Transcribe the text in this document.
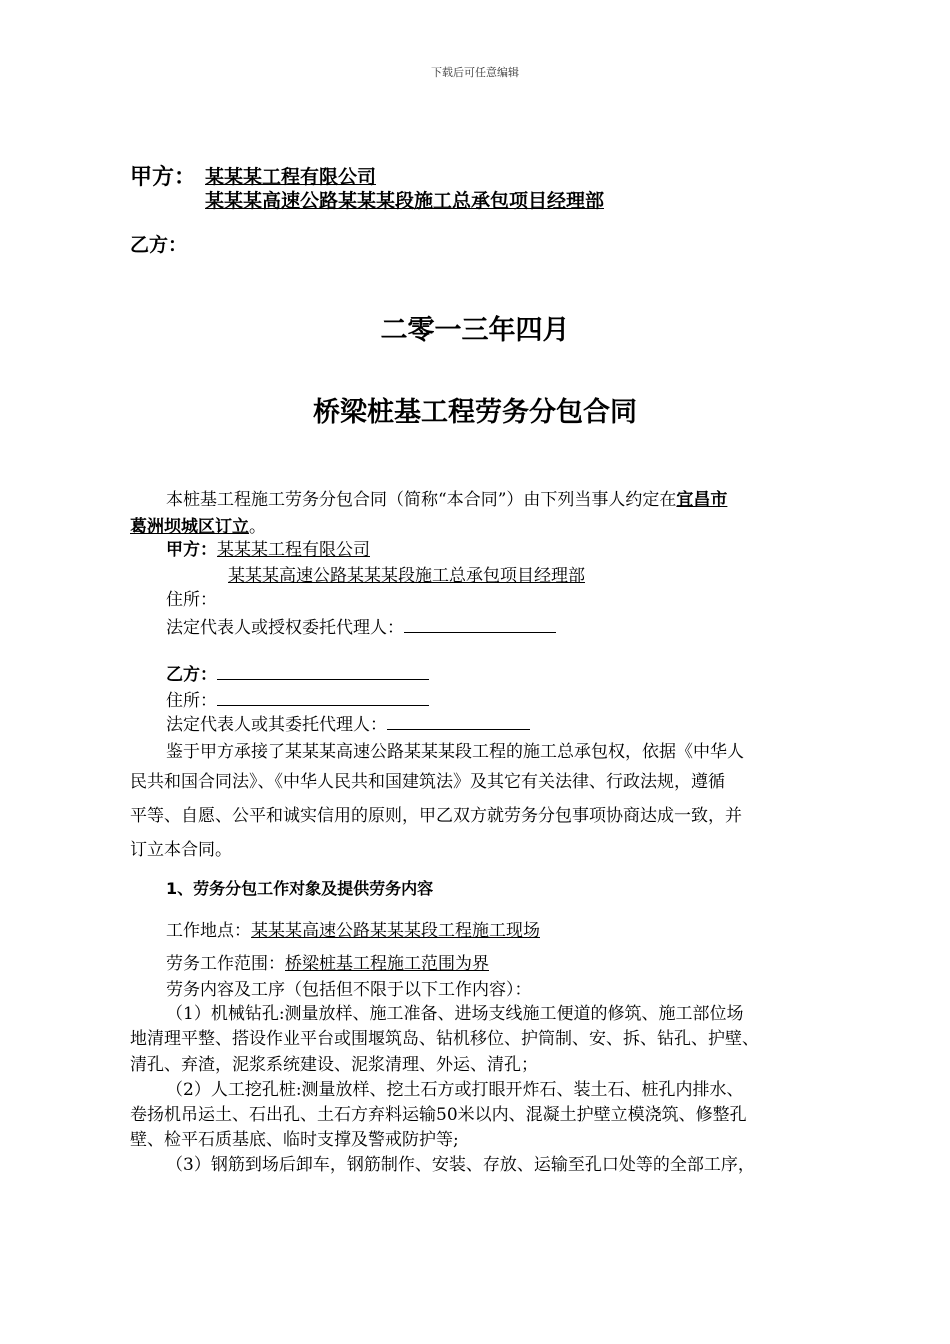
下载后可任意编辑
甲方： 某某某工程有限公司
某某某高速公路某某某段施工总承包项目经理部
乙方：
二零一三年四月
桥梁桩基工程劳务分包合同
本桩基工程施工劳务分包合同（简称“本合同”）由下列当事人约定在宜昌市
葛洲坝城区订立。
甲方：某某某工程有限公司
某某某高速公路某某某段施工总承包项目经理部
住所：
法定代表人或授权委托代理人：
乙方：
住所：
法定代表人或其委托代理人：
鉴于甲方承接了某某某高速公路某某某段工程的施工总承包权，依据《中华人
民共和国合同法》、《中华人民共和国建筑法》及其它有关法律、行政法规，遵循
平等、自愿、公平和诚实信用的原则，甲乙双方就劳务分包事项协商达成一致，并
订立本合同。
1、劳务分包工作对象及提供劳务内容
工作地点：某某某高速公路某某某段工程施工现场
劳务工作范围：桥梁桩基工程施工范围为界
劳务内容及工序（包括但不限于以下工作内容）：
（1）机械钻孔:测量放样、施工准备、进场支线施工便道的修筑、施工部位场
地清理平整、搭设作业平台或围堰筑岛、钻机移位、护筒制、安、拆、钻孔、护壁、
清孔、弃渣，泥浆系统建设、泥浆清理、外运、清孔；
（2）人工挖孔桩:测量放样、挖土石方或打眼开炸石、装土石、桩孔内排水、
卷扬机吊运土、石出孔、土石方弃料运输50米以内、混凝土护壁立模浇筑、修整孔
壁、检平石质基底、临时支撑及警戒防护等;
（3）钢筋到场后卸车，钢筋制作、安装、存放、运输至孔口处等的全部工序，
